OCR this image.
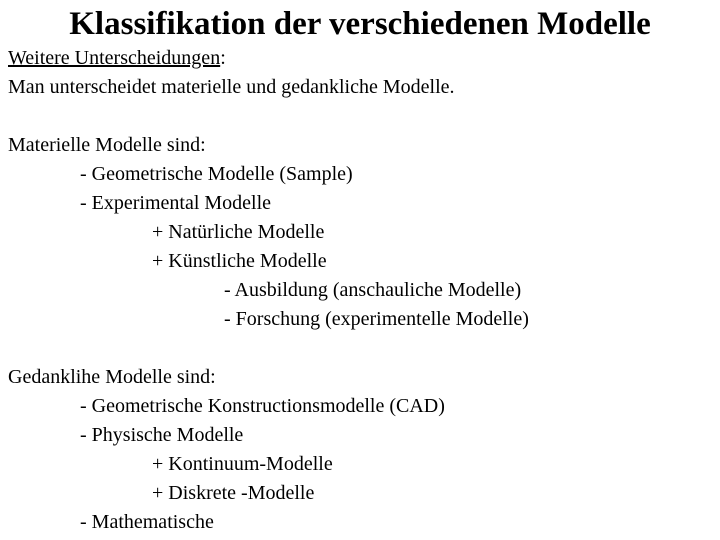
Klassifikation der verschiedenen Modelle
Weitere Unterscheidungen:
Man unterscheidet materielle und gedankliche Modelle.
Materielle Modelle sind:
- Geometrische Modelle (Sample)
- Experimental Modelle
+ Natürliche Modelle
+ Künstliche Modelle
- Ausbildung (anschauliche Modelle)
- Forschung (experimentelle Modelle)
Gedanklihe Modelle sind:
- Geometrische Konstructionsmodelle (CAD)
- Physische Modelle
+ Kontinuum-Modelle
+ Diskrete -Modelle
- Mathematische
